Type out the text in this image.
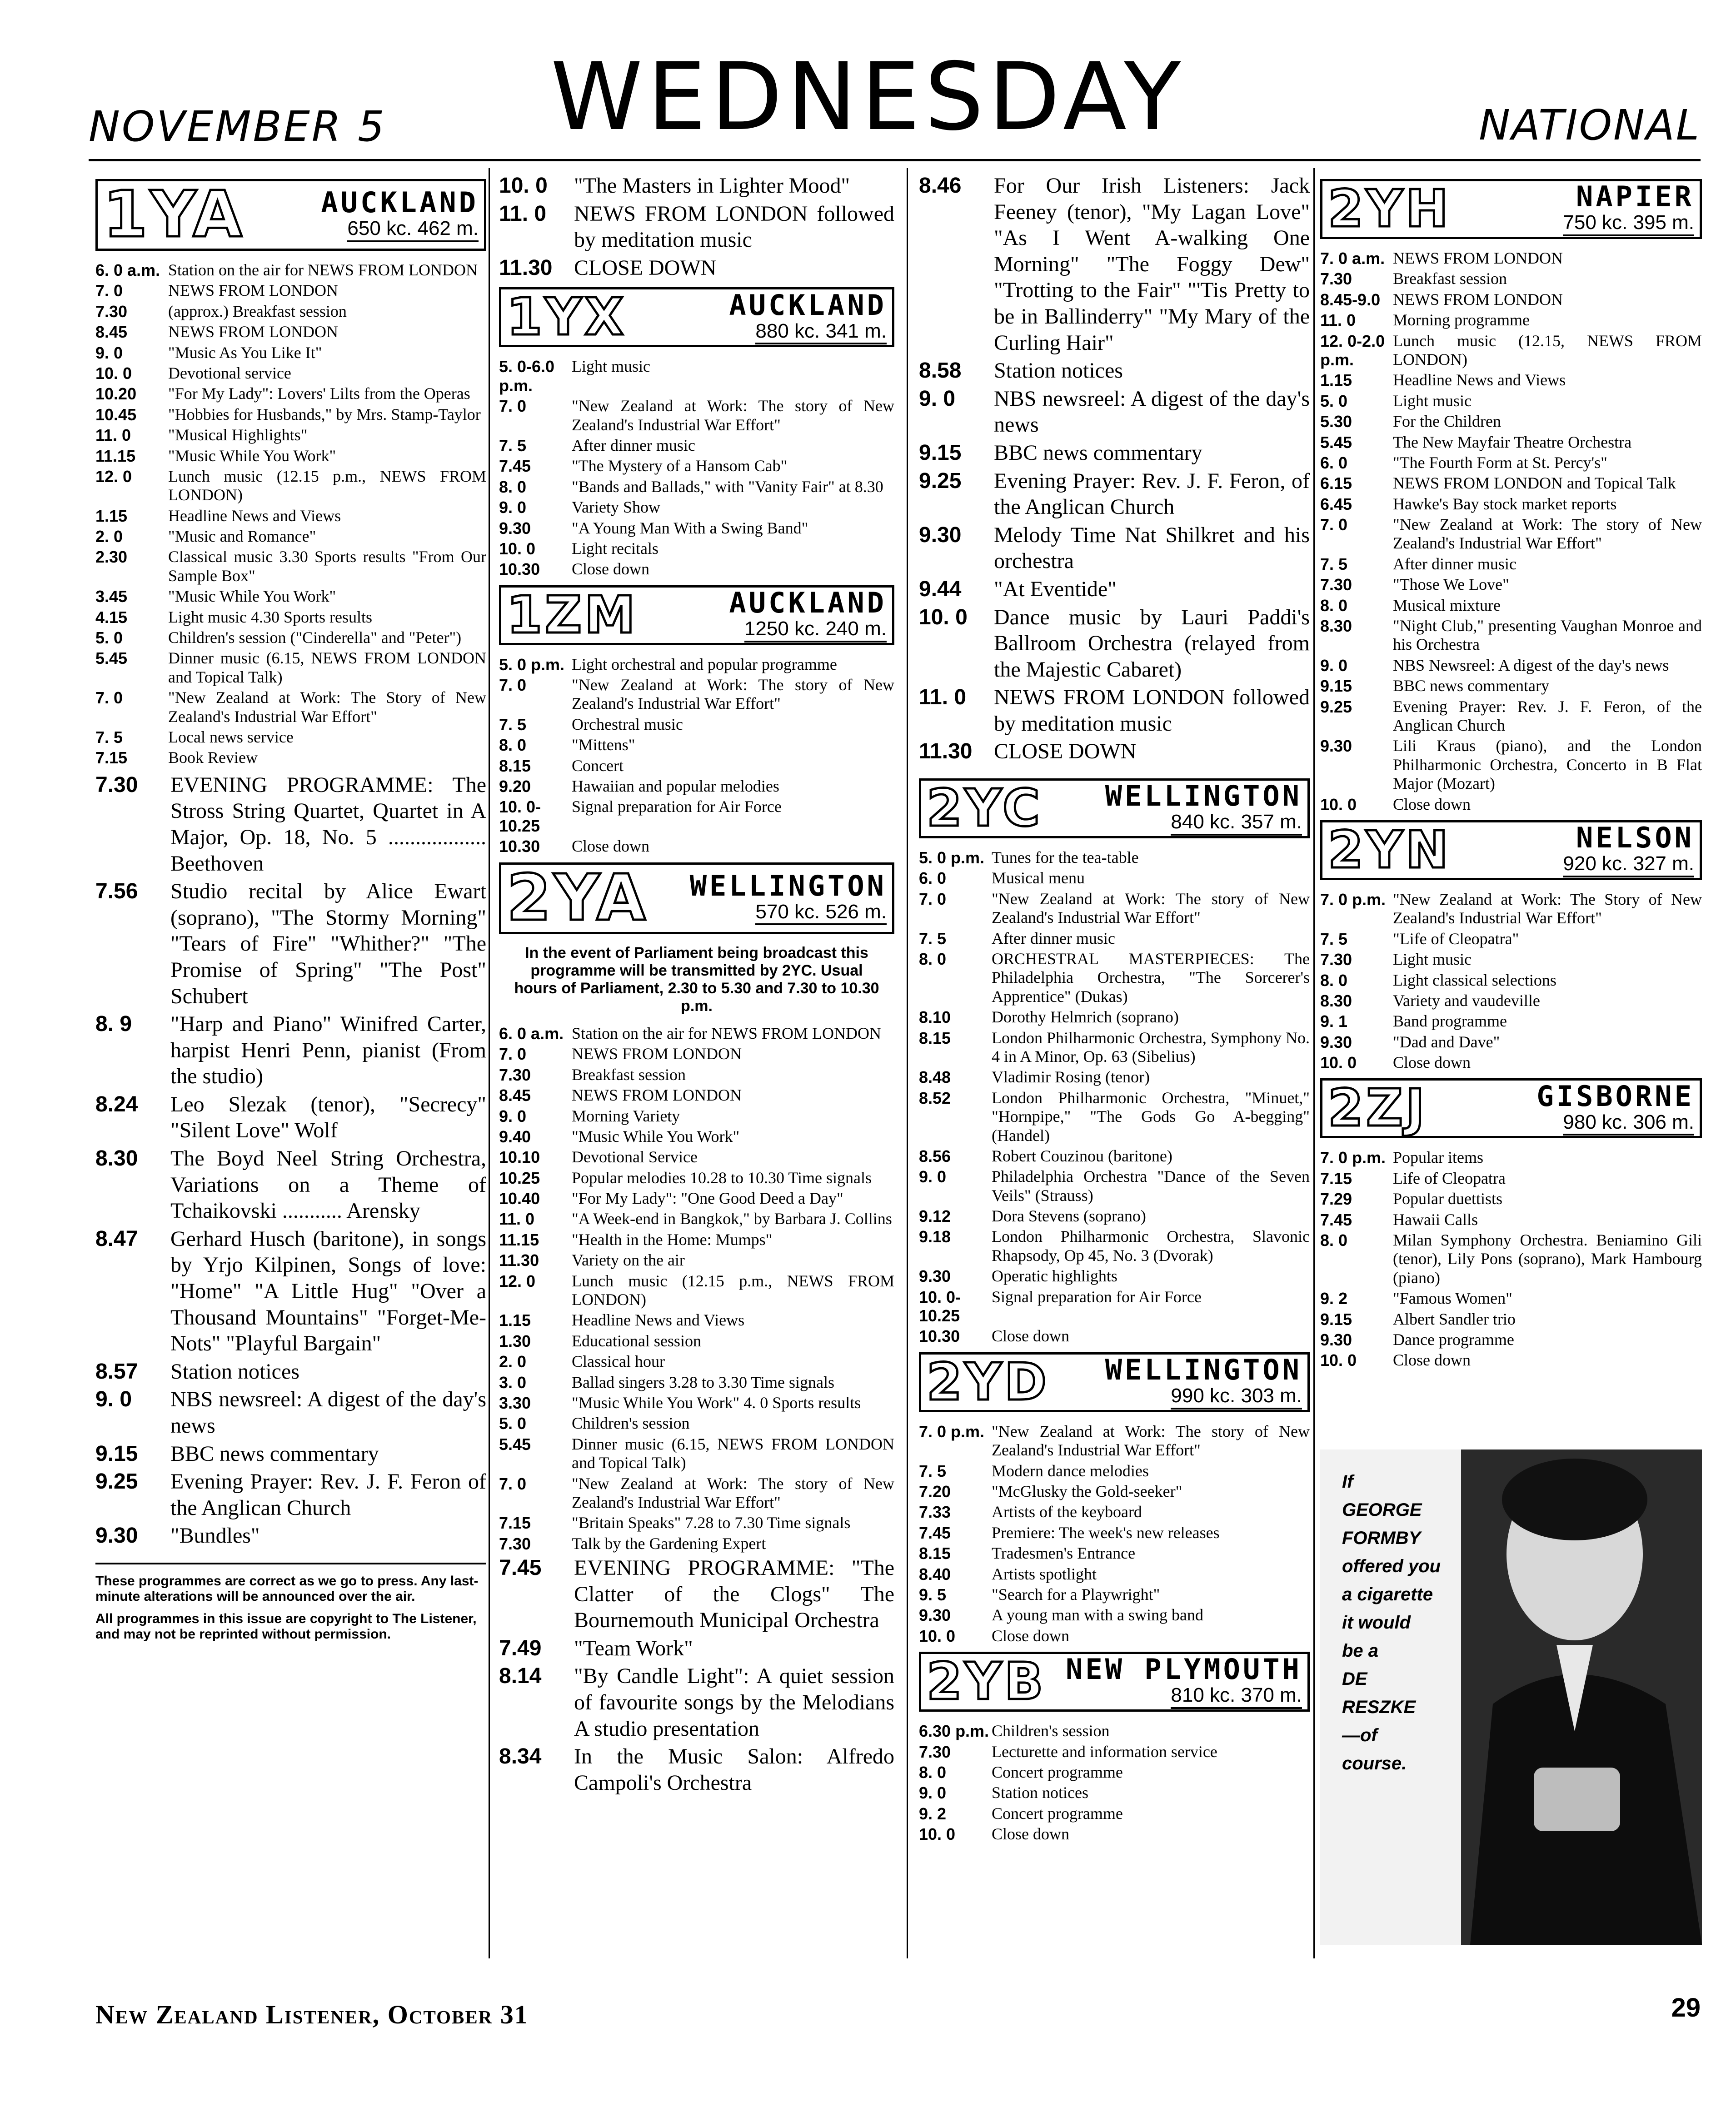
NOVEMBER 5	WEDNESDAY	NATIONAL
1YA	AUCKLAND
650 kc. 462 m.
6. 0 a.m. Station on the air for NEWS FROM LONDON
7. 0	NEWS FROM LONDON
7.30	(approx.) Breakfast session
8.45	NEWS FROM LONDON
9. 0	"Music As You Like It"
10. 0	Devotional service
10.20	"For My Lady": Lovers' Lilts from the Operas
10.45	"Hobbies for Husbands," by Mrs. Stamp-Taylor
11. 0	"Musical Highlights"
11.15	"Music While You Work"
12. 0	Lunch music (12.15 p.m., NEWS FROM LONDON)
1.15	Headline News and Views
2. 0	"Music and Romance"
2.30	Classical music 3.30 Sports results "From Our Sample Box"
3.45	"Music While You Work"
4.15	Light music 4.30 Sports results
5. 0	Children's session ("Cinderella" and "Peter")
5.45	Dinner music (6.15, NEWS FROM LONDON and Topical Talk)
7. 0	"New Zealand at Work: The Story of New Zealand's Industrial War Effort"
7. 5	Local news service
7.15	Book Review
7.30	EVENING PROGRAMME: The Stross String Quartet, Quartet in A Major, Op. 18, No. 5 .................. Beethoven
7.56	Studio recital by Alice Ewart (soprano), "The Stormy Morning" "Tears of Fire" "Whither?" "The Promise of Spring" "The Post" Schubert
8. 9	"Harp and Piano" Winifred Carter, harpist Henri Penn, pianist (From the studio)
8.24	Leo Slezak (tenor), "Secrecy" "Silent Love" Wolf
8.30	The Boyd Neel String Orchestra, Variations on a Theme of Tchaikovski ........... Arensky
8.47	Gerhard Husch (baritone), in songs by Yrjo Kilpinen, Songs of love: "Home" "A Little Hug" "Over a Thousand Mountains" "Forget-Me-Nots" "Playful Bargain"
8.57	Station notices
9. 0	NBS newsreel: A digest of the day's news
9.15	BBC news commentary
9.25	Evening Prayer: Rev. J. F. Feron of the Anglican Church
9.30	"Bundles"
These programmes are correct as we go to press. Any last-minute alterations will be announced over the air.
All programmes in this issue are copyright to The Listener, and may not be reprinted without permission.
10. 0	"The Masters in Lighter Mood"
11. 0	NEWS FROM LONDON followed by meditation music
11.30 CLOSE DOWN
1YX	AUCKLAND
880 kc. 341 m.
5. 0-6.0 p.m.
Light music
7. 0	"New Zealand at Work: The story of New Zealand's Industrial War Effort"
7. 5	After dinner music
7.45	"The Mystery of a Hansom Cab"
8. 0	"Bands and Ballads," with "Vanity Fair" at 8.30
9. 0	Variety Show
9.30	"A Young Man With a Swing Band"
10. 0	Light recitals
10.30	Close down
1ZM	AUCKLAND
1250 kc. 240 m.
5. 0 p.m. Light orchestral and popular programme
7. 0	"New Zealand at Work: The story of New Zealand's Industrial War Effort"
7. 5	Orchestral music
8. 0	"Mittens"
8.15	Concert
9.20	Hawaiian and popular melodies
10. 0-10.25
Signal preparation for Air Force
10.30	Close down
2YA WELLINGTON
570 kc. 526 m.
In the event of Parliament being broadcast this programme will be transmitted by 2YC. Usual hours of Parliament, 2.30 to 5.30 and 7.30 to 10.30 p.m.
6. 0 a.m. Station on the air for NEWS FROM LONDON
7. 0	NEWS FROM LONDON
7.30	Breakfast session
8.45	NEWS FROM LONDON
9. 0	Morning Variety
9.40	"Music While You Work"
10.10	Devotional Service
10.25	Popular melodies 10.28 to 10.30 Time signals
10.40	"For My Lady": "One Good Deed a Day"
11. 0	"A Week-end in Bangkok," by Barbara J. Collins
11.15	"Health in the Home: Mumps"
11.30	Variety on the air
12. 0	Lunch music (12.15 p.m., NEWS FROM LONDON)
1.15	Headline News and Views
1.30	Educational session
2. 0	Classical hour
3. 0	Ballad singers 3.28 to 3.30 Time signals
3.30	"Music While You Work" 4. 0 Sports results
5. 0	Children's session
5.45	Dinner music (6.15, NEWS FROM LONDON and Topical Talk)
7. 0	"New Zealand at Work: The story of New Zealand's Industrial War Effort"
7.15	"Britain Speaks" 7.28 to 7.30 Time signals
7.30	Talk by the Gardening Expert
7.45	EVENING PROGRAMME: "The Clatter of the Clogs" The Bournemouth Municipal Orchestra
7.49	"Team Work"
8.14	"By Candle Light": A quiet session of favourite songs by the Melodians A studio presentation
8.34	In the Music Salon: Alfredo Campoli's Orchestra
8.46	For Our Irish Listeners: Jack Feeney (tenor), "My Lagan Love" "As I Went A-walking One Morning" "The Foggy Dew" "Trotting to the Fair" "'Tis Pretty to be in Ballinderry" "My Mary of the Curling Hair"
8.58	Station notices
9. 0	NBS newsreel: A digest of the day's news
9.15	BBC news commentary
9.25	Evening Prayer: Rev. J. F. Feron, of the Anglican Church
9.30	Melody Time Nat Shilkret and his orchestra
9.44	"At Eventide"
10. 0	Dance music by Lauri Paddi's Ballroom Orchestra (relayed from the Majestic Cabaret)
11. 0	NEWS FROM LONDON followed by meditation music
11.30 CLOSE DOWN
2YC WELLINGTON
840 kc. 357 m.
5. 0 p.m. Tunes for the tea-table
6. 0	Musical menu
7. 0	"New Zealand at Work: The story of New Zealand's Industrial War Effort"
7. 5	After dinner music
8. 0	ORCHESTRAL MASTERPIECES: The Philadelphia Orchestra, "The Sorcerer's Apprentice" (Dukas)
8.10	Dorothy Helmrich (soprano)
8.15	London Philharmonic Orchestra, Symphony No. 4 in A Minor, Op. 63 (Sibelius)
8.48	Vladimir Rosing (tenor)
8.52	London Philharmonic Orchestra, "Minuet," "Hornpipe," "The Gods Go A-begging" (Handel)
8.56	Robert Couzinou (baritone)
9. 0	Philadelphia Orchestra "Dance of the Seven Veils" (Strauss)
9.12	Dora Stevens (soprano)
9.18	London Philharmonic Orchestra, Slavonic Rhapsody, Op 45, No. 3 (Dvorak)
9.30	Operatic highlights
10. 0-10.25
Signal preparation for Air Force
10.30	Close down
2YD WELLINGTON
990 kc. 303 m.
7. 0 p.m. "New Zealand at Work: The story of New Zealand's Industrial War Effort"
7. 5	Modern dance melodies
7.20	"McGlusky the Gold-seeker"
7.33	Artists of the keyboard
7.45	Premiere: The week's new releases
8.15	Tradesmen's Entrance
8.40	Artists spotlight
9. 5	"Search for a Playwright"
9.30	A young man with a swing band
10. 0	Close down
2YB NEW PLYMOUTH
810 kc. 370 m.
6.30 p.m. Children's session
7.30	Lecturette and information service
8. 0	Concert programme
9. 0	Station notices
9. 2	Concert programme
10. 0	Close down
2YH	NAPIER
750 kc. 395 m.
7. 0 a.m. NEWS FROM LONDON
7.30	Breakfast session
8.45-9.0 NEWS FROM LONDON
11. 0	Morning programme
12. 0-2.0 p.m.
Lunch music (12.15, NEWS FROM LONDON)
1.15	Headline News and Views
5. 0	Light music
5.30	For the Children
5.45	The New Mayfair Theatre Orchestra
6. 0	"The Fourth Form at St. Percy's"
6.15	NEWS FROM LONDON and Topical Talk
6.45	Hawke's Bay stock market reports
7. 0	"New Zealand at Work: The story of New Zealand's Industrial War Effort"
7. 5	After dinner music
7.30	"Those We Love"
8. 0	Musical mixture
8.30	"Night Club," presenting Vaughan Monroe and his Orchestra
9. 0	NBS Newsreel: A digest of the day's news
9.15	BBC news commentary
9.25	Evening Prayer: Rev. J. F. Feron, of the Anglican Church
9.30	Lili Kraus (piano), and the London Philharmonic Orchestra, Concerto in B Flat Major (Mozart)
10. 0	Close down
2YN	NELSON
920 kc. 327 m.
7. 0 p.m. "New Zealand at Work: The Story of New Zealand's Industrial War Effort"
7. 5	"Life of Cleopatra"
7.30	Light music
8. 0	Light classical selections
8.30	Variety and vaudeville
9. 1	Band programme
9.30	"Dad and Dave"
10. 0	Close down
2ZJ	GISBORNE
980 kc. 306 m.
7. 0 p.m. Popular items
7.15	Life of Cleopatra
7.29	Popular duettists
7.45	Hawaii Calls
8. 0	Milan Symphony Orchestra. Beniamino Gili (tenor), Lily Pons (soprano), Mark Hambourg (piano)
9. 2	"Famous Women"
9.15	Albert Sandler trio
9.30	Dance programme
10. 0	Close down
If
GEORGE
FORMBY
offered you
a cigarette
it would
be a
DE
RESZKE
—of
course.
New Zealand Listener, October 31	29
